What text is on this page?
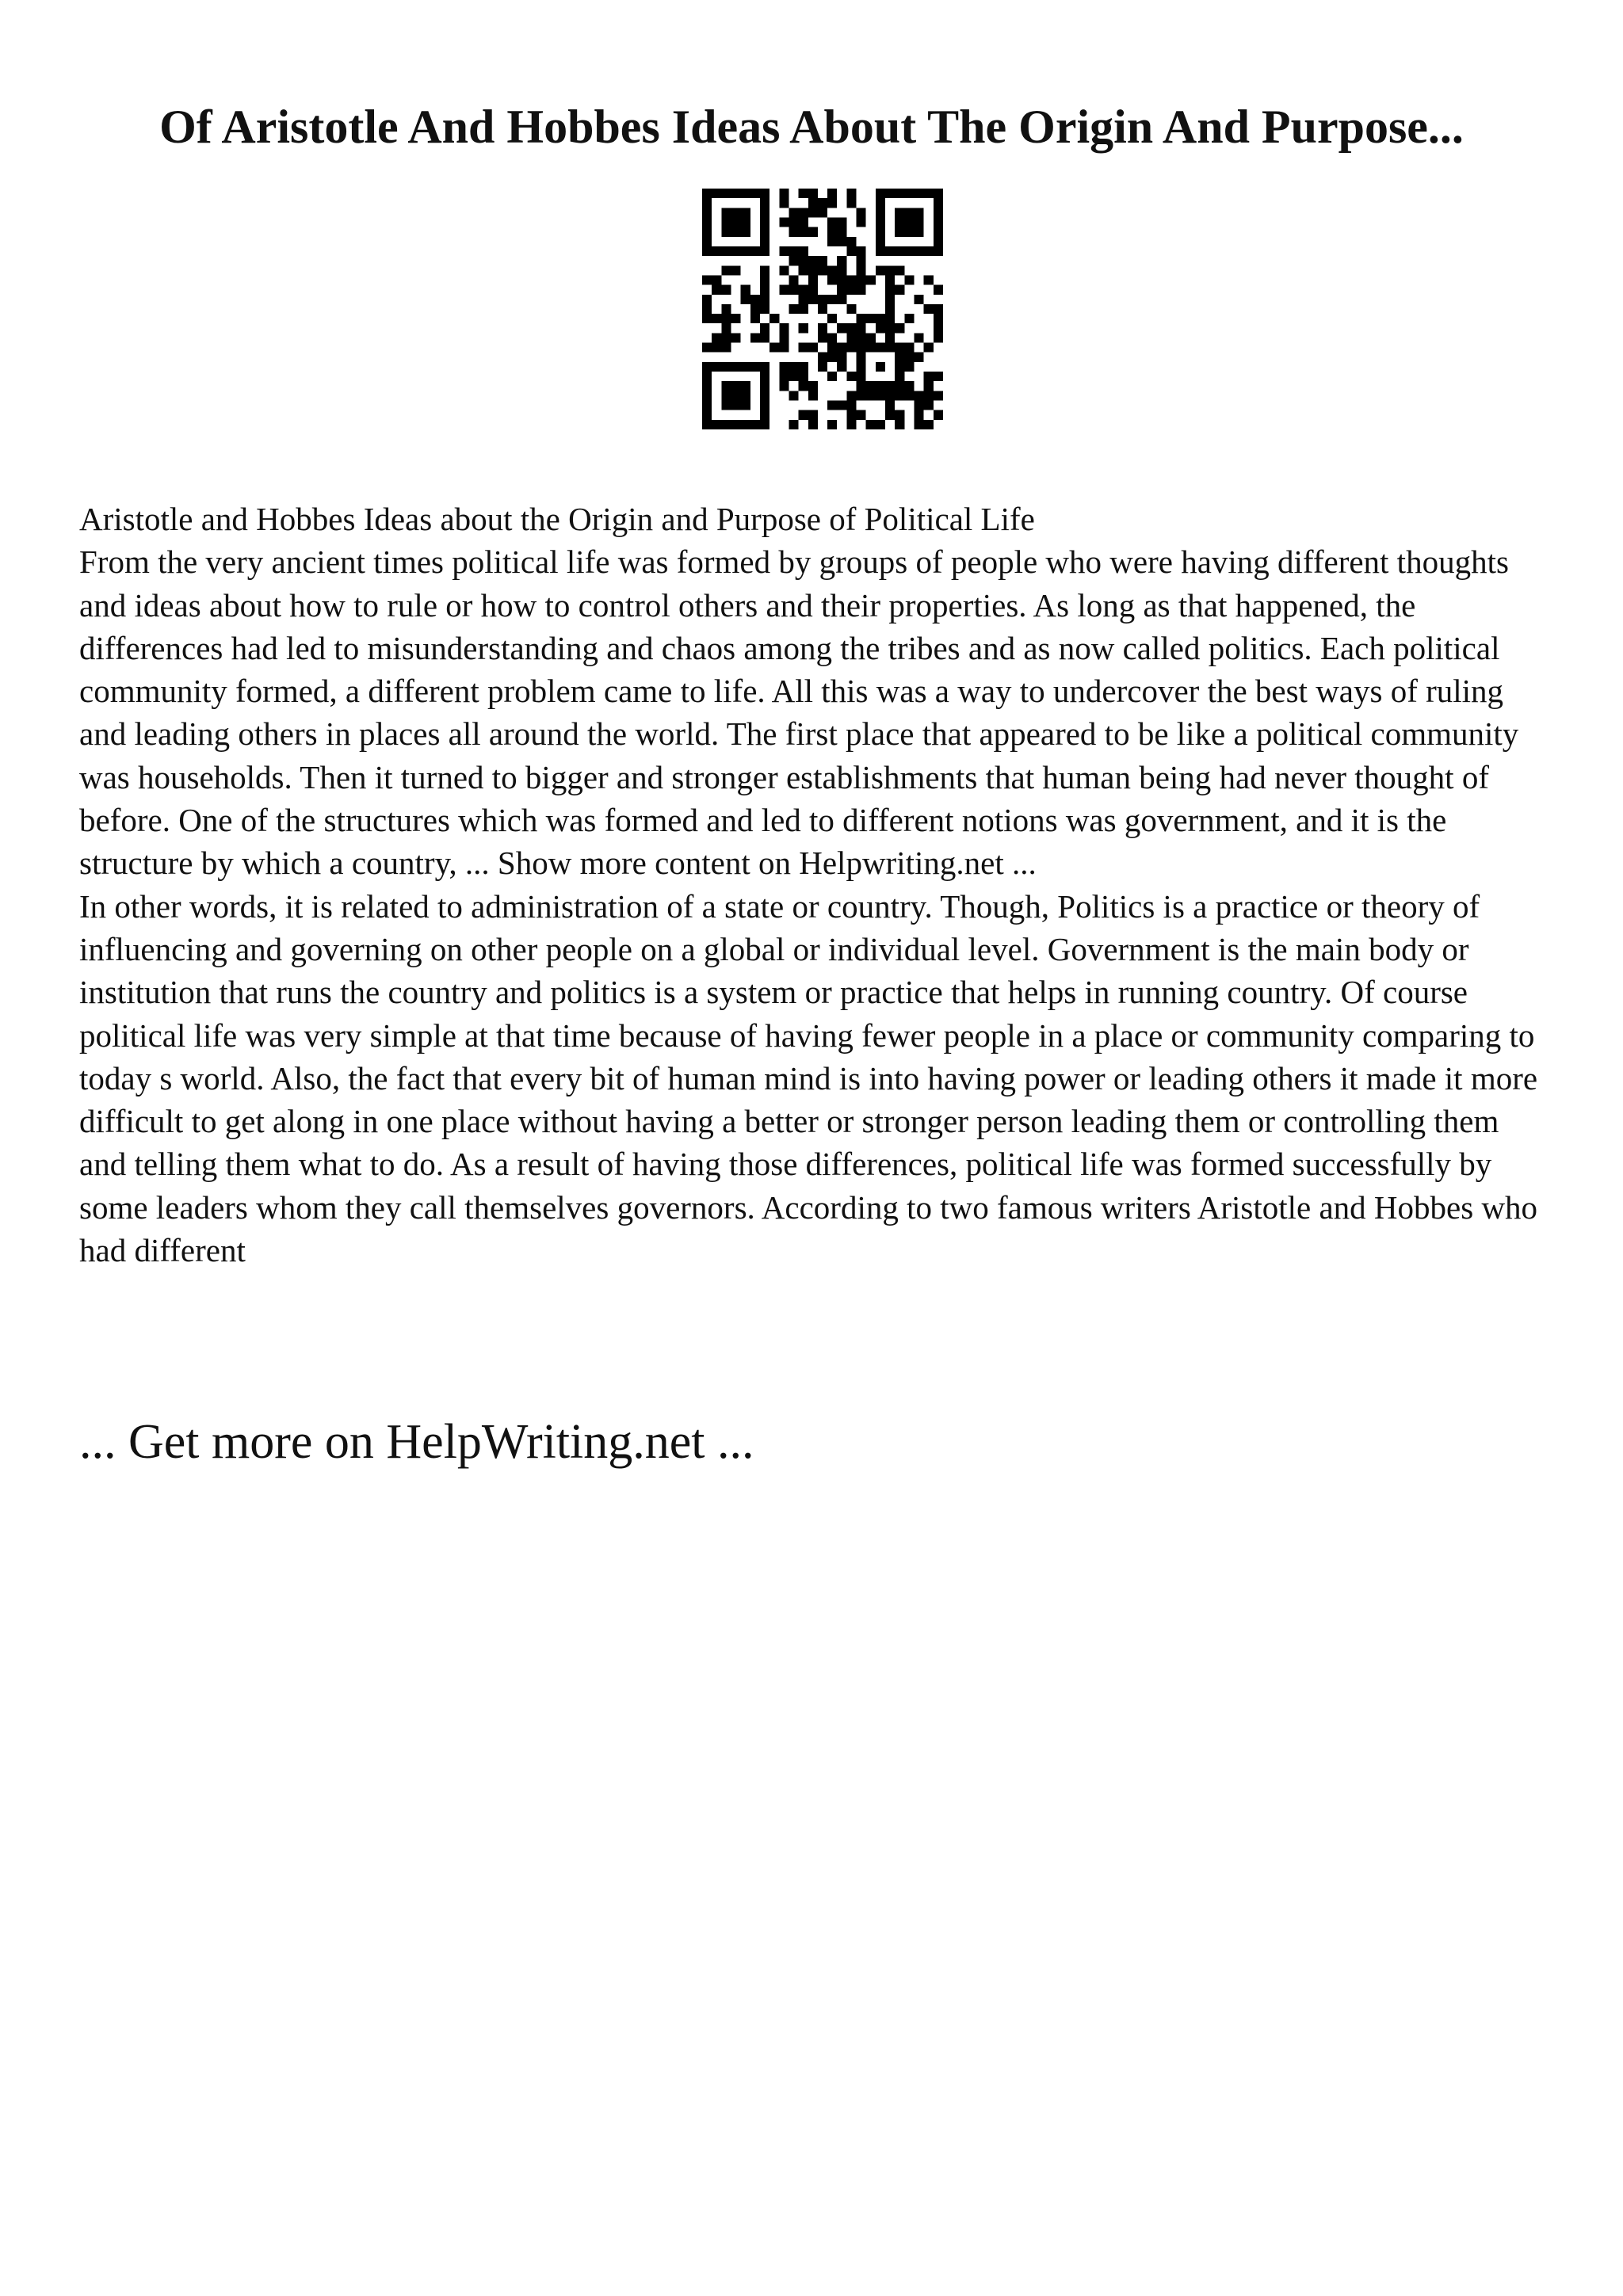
Of Aristotle And Hobbes Ideas About The Origin And Purpose...

Aristotle and Hobbes Ideas about the Origin and Purpose of Political Life

From the very ancient times political life was formed by groups of people who were having different thoughts and ideas about how to rule or how to control others and their properties. As long as that happened, the differences had led to misunderstanding and chaos among the tribes and as now called politics. Each political community formed, a different problem came to life. All this was a way to undercover the best ways of ruling and leading others in places all around the world. The first place that appeared to be like a political community was households. Then it turned to bigger and stronger establishments that human being had never thought of before. One of the structures which was formed and led to different notions was government, and it is the structure by which a country, ... Show more content on Helpwriting.net ...

In other words, it is related to administration of a state or country. Though, Politics is a practice or theory of influencing and governing on other people on a global or individual level. Government is the main body or institution that runs the country and politics is a system or practice that helps in running country. Of course political life was very simple at that time because of having fewer people in a place or community comparing to today s world. Also, the fact that every bit of human mind is into having power or leading others it made it more difficult to get along in one place without having a better or stronger person leading them or controlling them and telling them what to do. As a result of having those differences, political life was formed successfully by some leaders whom they call themselves governors. According to two famous writers Aristotle and Hobbes who had different

... Get more on HelpWriting.net ...
